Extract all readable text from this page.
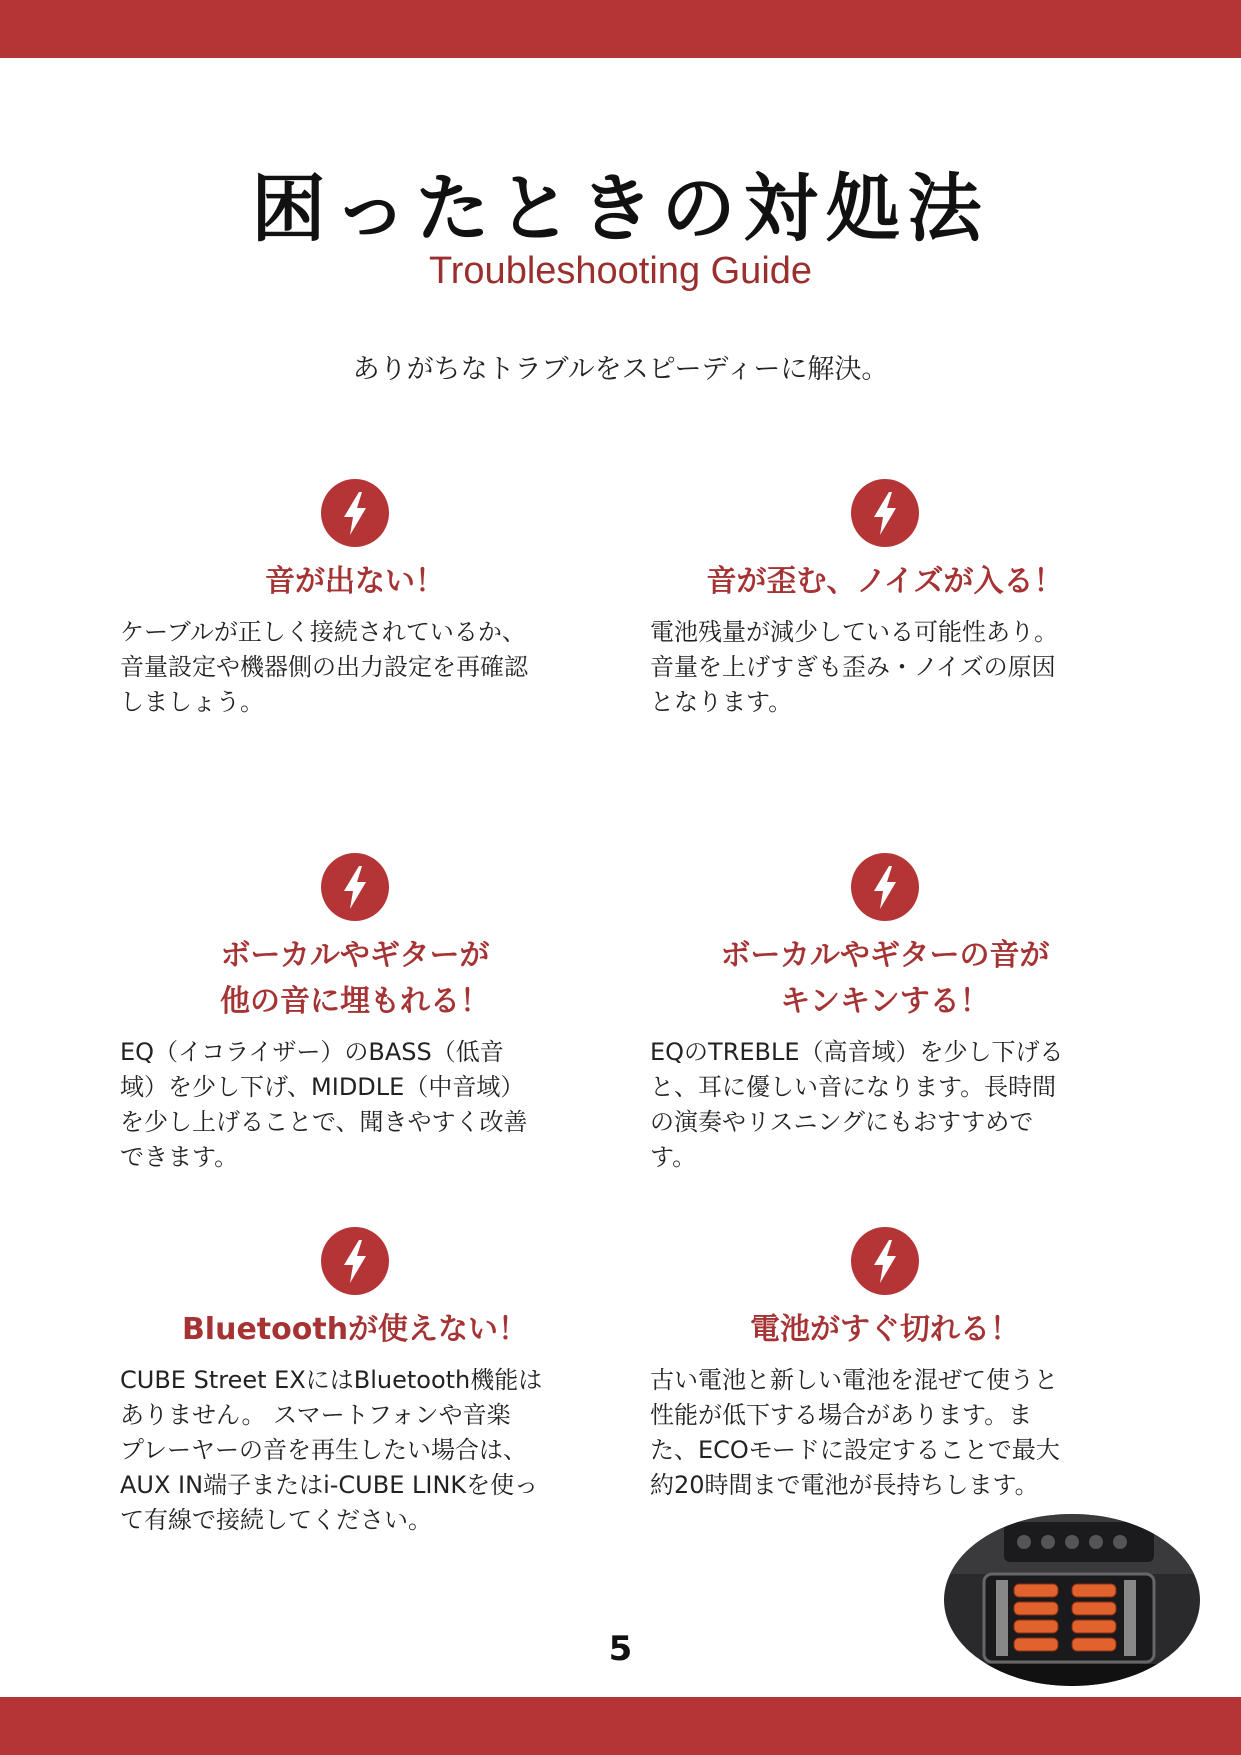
困ったときの対処法
Troubleshooting Guide
ありがちなトラブルをスピーディーに解決。
音が出ない！
ケーブルが正しく接続されているか、
音量設定や機器側の出力設定を再確認
しましょう。
音が歪む、ノイズが入る！
電池残量が減少している可能性あり。
音量を上げすぎも歪み・ノイズの原因
となります。
ボーカルやギターが
他の音に埋もれる！
EQ（イコライザー）のBASS（低音
域）を少し下げ、MIDDLE（中音域）
を少し上げることで、聞きやすく改善
できます。
ボーカルやギターの音が
キンキンする！
EQのTREBLE（高音域）を少し下げる
と、耳に優しい音になります。長時間
の演奏やリスニングにもおすすめで
す。
Bluetoothが使えない！
CUBE Street EXにはBluetooth機能は
ありません。 スマートフォンや音楽
プレーヤーの音を再生したい場合は、
AUX IN端子またはi-CUBE LINKを使っ
て有線で接続してください。
電池がすぐ切れる！
古い電池と新しい電池を混ぜて使うと
性能が低下する場合があります。ま
た、ECOモードに設定することで最大
約20時間まで電池が長持ちします。
5
